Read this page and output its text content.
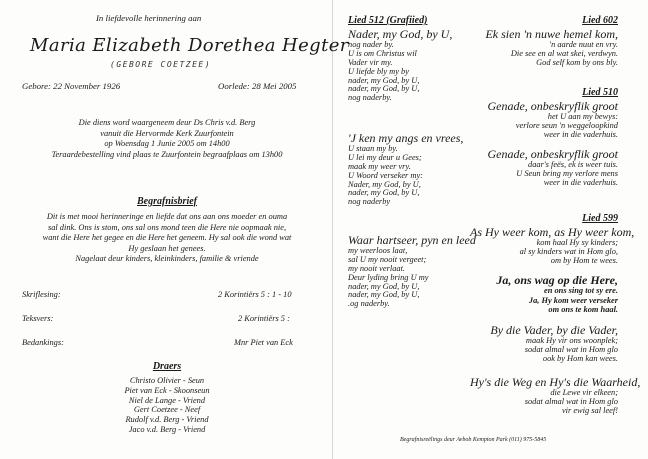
In liefdevolle herinnering aan
Maria Elizabeth Dorethea Hegter
(GEBORE COETZEE)
Gebore: 22 November 1926	Oorlede: 28 Mei 2005
Die diens word waargeneem deur Ds Chris v.d. Berg
vanuit die Hervormde Kerk Zuurfontein
op Woensdag 1 Junie 2005 om 14h00
Teraardebestelling vind plaas te Zuurfontein begraafplaas om 13h00
Begrafnisbrief
Dit is met mooi herinneringe en liefde dat ons aan ons moeder en ouma
sal dink. Ons is stom, ons sal ons mond teen die Here nie oopmaak nie,
want die Here het gegee en die Here het geneem. Hy sal ook die wond wat
Hy geslaan het genees.
Nagelaat deur kinders, kleinkinders, familie & vriende
Skriflesing:	2 Korintiërs 5 : 1 - 10
Teksvers:	2 Korintiërs 5 :
Bedankings:	Mnr Piet van Eck
Draers
Christo Olivier - Seun
Piet van Eck - Skoonseun
Niel de Lange - Vriend
Gert Coetzee - Neef
Rudolf v.d. Berg - Vriend
Jaco v.d. Berg - Vriend
Lied 512 (Grafiied)
Nader, my God, by U,
nog nader by.
U is om Christus wil
Vader vir my.
U liefde bly my by
nader, my God, by U,
nader, my God, by U,
nog naderby.
'J ken my angs en vrees,
U staan my by.
U lei my deur u Gees;
maak my weer vry.
U Woord verseker my:
Nader, my God, by U,
nader, my God, by U,
nog naderby
Waar hartseer, pyn en leed
my weerloos laat,
sal U my nooit vergeet;
my nooit verlaat.
Deur lyding bring U my
nader, my God, by U,
nader, my God, by U,
.og naderby.
Lied 602
Ek sien 'n nuwe hemel kom,
'n aarde nuut en vry.
Die see en al wat skei, verdwyn.
God self kom by ons bly.
Lied 510
Genade, onbeskryflik groot
het U aan my bewys:
verlore seun 'n weggeloopkind
weer in die vaderhuis.
Genade, onbeskryflik groot
daar's feës, ek is weer tuis.
U Seun bring my verlore mens
weer in die vaderhuis.
Lied 599
As Hy weer kom, as Hy weer kom,
kom haal Hy sy kinders;
al sy kinders wat in Hom glo,
om by Hom te wees.
Ja, ons wag op die Here,
en ons sing tot sy ere.
Ja, Hy kom weer verseker
om ons te kom haal.
By die Vader, by die Vader,
maak Hy vir ons woonplek;
sodat almal wat in Hom glo
ook by Hom kan wees.
Hy's die Weg en Hy's die Waarheid,
die Lewe vir elkeen;
sodat almal wat in Hom glo
vir ewig sal leef!
Begrafnisreëlings deur Avbob Kempton Park (011) 975-5845
